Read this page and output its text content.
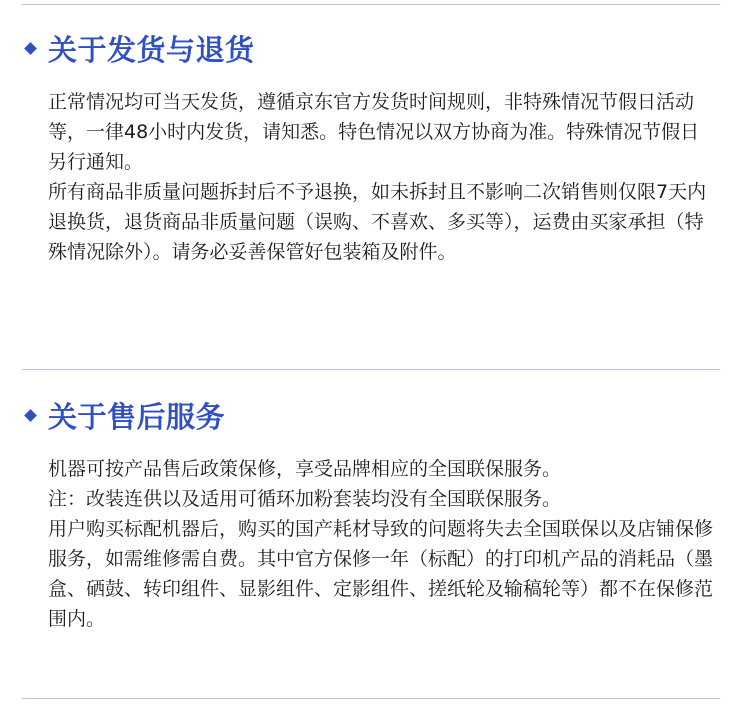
关于发货与退货

正常情况均可当天发货，遵循京东官方发货时间规则，非特殊情况节假日活动等，一律48小时内发货，请知悉。特色情况以双方协商为准。特殊情况节假日另行通知。

所有商品非质量问题拆封后不予退换，如未拆封且不影响二次销售则仅限7天内退换货，退货商品非质量问题（误购、不喜欢、多买等），运费由买家承担（特殊情况除外）。请务必妥善保管好包装箱及附件。

关于售后服务

机器可按产品售后政策保修，享受品牌相应的全国联保服务。

注：改装连供以及适用可循环加粉套装均没有全国联保服务。

用户购买标配机器后，购买的国产耗材导致的问题将失去全国联保以及店铺保修服务，如需维修需自费。其中官方保修一年（标配）的打印机产品的消耗品（墨盒、硒鼓、转印组件、显影组件、定影组件、搓纸轮及输稿轮等）都不在保修范围内。
